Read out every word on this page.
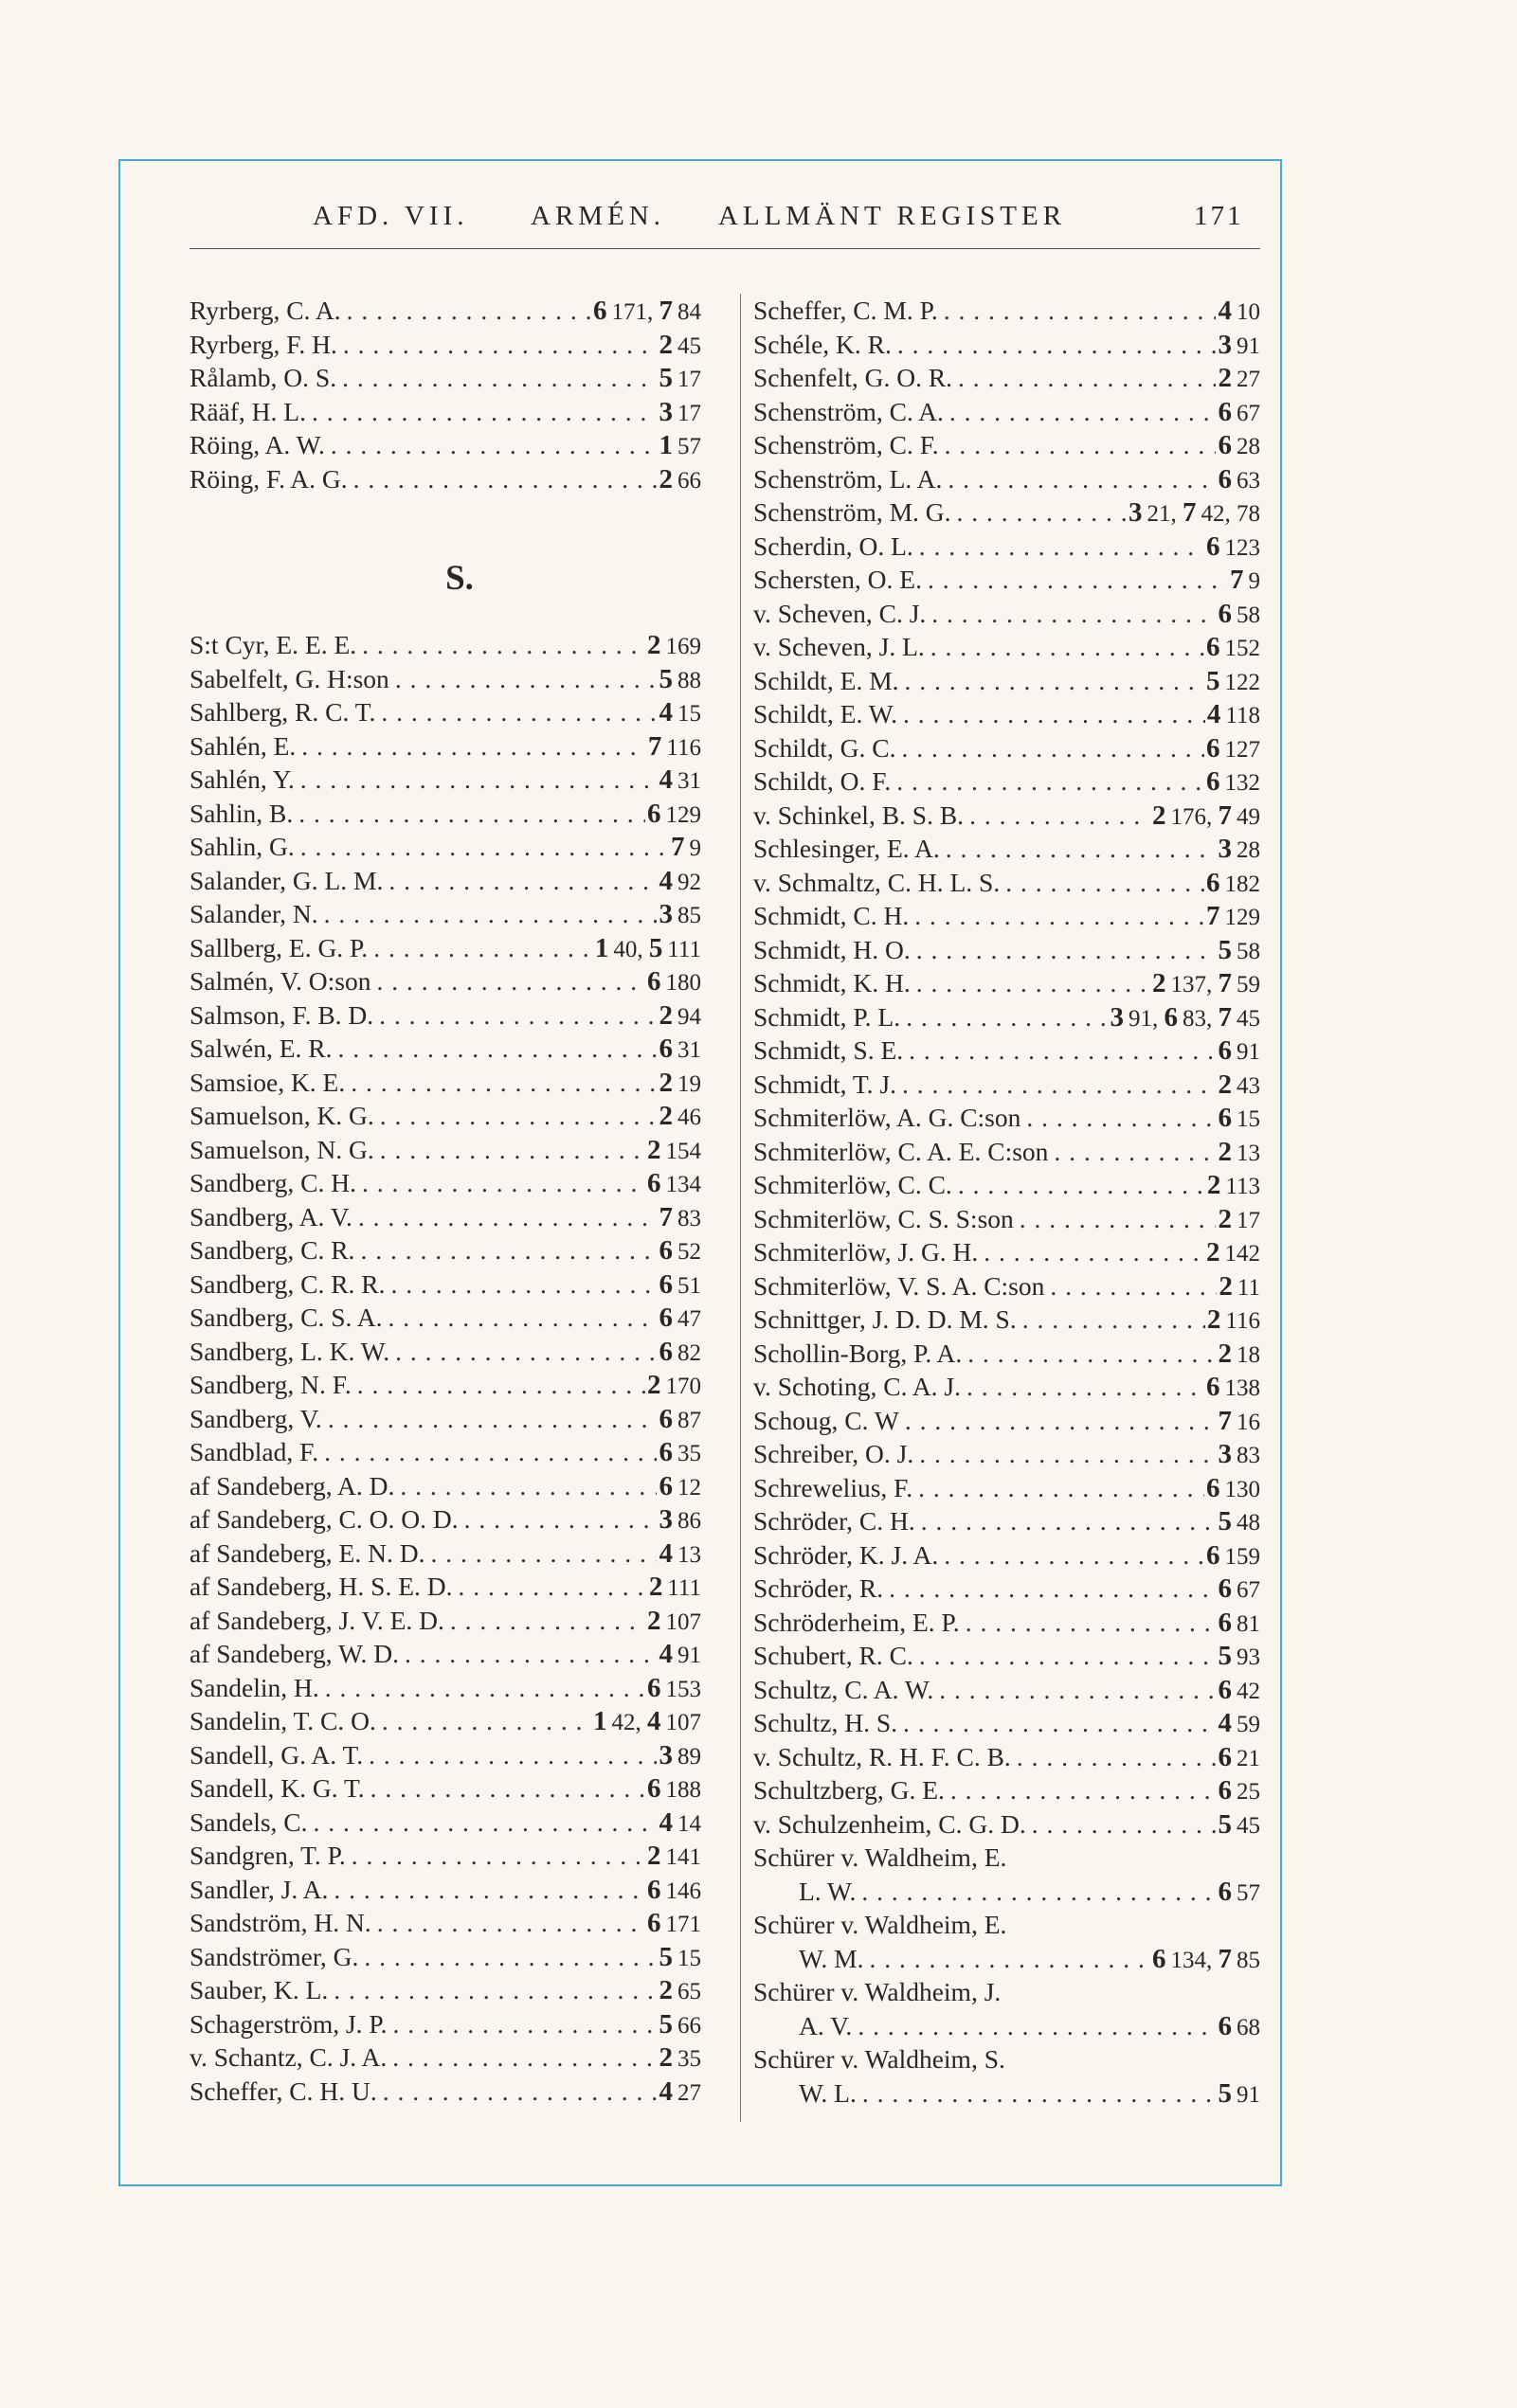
AFD. VII. ARMÉN. ALLMÄNT REGISTER	171
Ryrberg, C. A. . . .	6 171, 7 84
Ryrberg, F. H. . . .	2 45
Rålamb, O. S. . . .	5 17
Rääf, H. L. . . .	3 17
Röing, A. W. . . .	1 57
Röing, F. A. G. . . .	2 66
S.
S:t Cyr, E. E. E. . . .	2 169
Sabelfelt, G. H:son . . .	5 88
Sahlberg, R. C. T. . . .	4 15
Sahlén, E. . . .	7 116
Sahlén, Y. . . .	4 31
Sahlin, B. . . .	6 129
Sahlin, G. . . .	7 9
Salander, G. L. M. . . .	4 92
Salander, N. . . .	3 85
Sallberg, E. G. P. . . .	1 40, 5 111
Salmén, V. O:son . . .	6 180
Salmson, F. B. D. . . .	2 94
Salwén, E. R. . . .	6 31
Samsioe, K. E. . . .	2 19
Samuelson, K. G. . . .	2 46
Samuelson, N. G. . . .	2 154
Sandberg, C. H. . . .	6 134
Sandberg, A. V. . . .	7 83
Sandberg, C. R. . . .	6 52
Sandberg, C. R. R. . . .	6 51
Sandberg, C. S. A. . . .	6 47
Sandberg, L. K. W. . . .	6 82
Sandberg, N. F. . . .	2 170
Sandberg, V. . . .	6 87
Sandblad, F. . . .	6 35
af Sandeberg, A. D. . . .	6 12
af Sandeberg, C. O. O. D. . . .	3 86
af Sandeberg, E. N. D. . . .	4 13
af Sandeberg, H. S. E. D. . . .	2 111
af Sandeberg, J. V. E. D. . . .	2 107
af Sandeberg, W. D. . . .	4 91
Sandelin, H. . . .	6 153
Sandelin, T. C. O. . . .	1 42, 4 107
Sandell, G. A. T. . . .	3 89
Sandell, K. G. T. . . .	6 188
Sandels, C. . . .	4 14
Sandgren, T. P. . . .	2 141
Sandler, J. A. . . .	6 146
Sandström, H. N. . . .	6 171
Sandströmer, G. . . .	5 15
Sauber, K. L. . . .	2 65
Schagerström, J. P. . . .	5 66
v. Schantz, C. J. A. . . .	2 35
Scheffer, C. H. U. . . .	4 27
Scheffer, C. M. P. . . .	4 10
Schéle, K. R. . . .	3 91
Schenfelt, G. O. R. . . .	2 27
Schenström, C. A. . . .	6 67
Schenström, C. F. . . .	6 28
Schenström, L. A. . . .	6 63
Schenström, M. G. . . .	3 21, 7 42, 78
Scherdin, O. L. . . .	6 123
Schersten, O. E. . . .	7 9
v. Scheven, C. J. . . .	6 58
v. Scheven, J. L. . . .	6 152
Schildt, E. M. . . .	5 122
Schildt, E. W. . . .	4 118
Schildt, G. C. . . .	6 127
Schildt, O. F. . . .	6 132
v. Schinkel, B. S. B. . . .	2 176, 7 49
Schlesinger, E. A. . . .	3 28
v. Schmaltz, C. H. L. S. . . .	6 182
Schmidt, C. H. . . .	7 129
Schmidt, H. O. . . .	5 58
Schmidt, K. H. . . .	2 137, 7 59
Schmidt, P. L. . . .	3 91, 6 83, 7 45
Schmidt, S. E. . . .	6 91
Schmidt, T. J. . . .	2 43
Schmiterlöw, A. G. C:son . . .	6 15
Schmiterlöw, C. A. E. C:son . . .	2 13
Schmiterlöw, C. C. . . .	2 113
Schmiterlöw, C. S. S:son . . .	2 17
Schmiterlöw, J. G. H. . . .	2 142
Schmiterlöw, V. S. A. C:son . . .	2 11
Schnittger, J. D. D. M. S. . . .	2 116
Schollin-Borg, P. A. . . .	2 18
v. Schoting, C. A. J. . . .	6 138
Schoug, C. W . . .	7 16
Schreiber, O. J. . . .	3 83
Schrewelius, F. . . .	6 130
Schröder, C. H. . . .	5 48
Schröder, K. J. A. . . .	6 159
Schröder, R. . . .	6 67
Schröderheim, E. P. . . .	6 81
Schubert, R. C. . . .	5 93
Schultz, C. A. W. . . .	6 42
Schultz, H. S. . . .	4 59
v. Schultz, R. H. F. C. B. . . .	6 21
Schultzberg, G. E. . . .	6 25
v. Schulzenheim, C. G. D. . . .	5 45
Schürer v. Waldheim, E.
L. W. . . .	6 57
Schürer v. Waldheim, E.
W. M. . . .	6 134, 7 85
Schürer v. Waldheim, J.
A. V. . . .	6 68
Schürer v. Waldheim, S.
W. L. . . .	5 91
